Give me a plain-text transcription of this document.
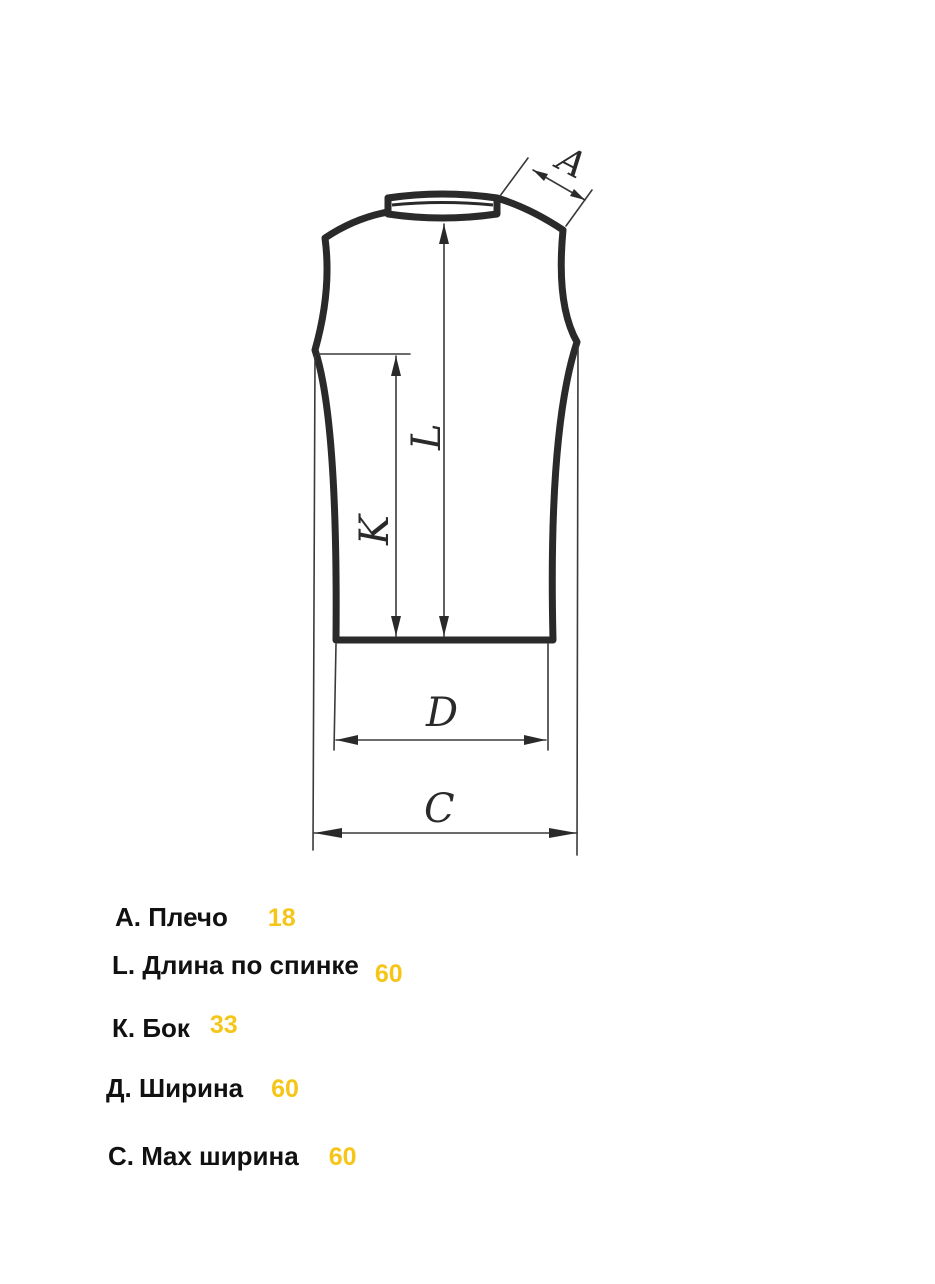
A
L
K
D
C
А. Плечо 18
L. Длина по спинке 60
К. Бок 33
Д. Ширина 60
С. Max ширина 60
